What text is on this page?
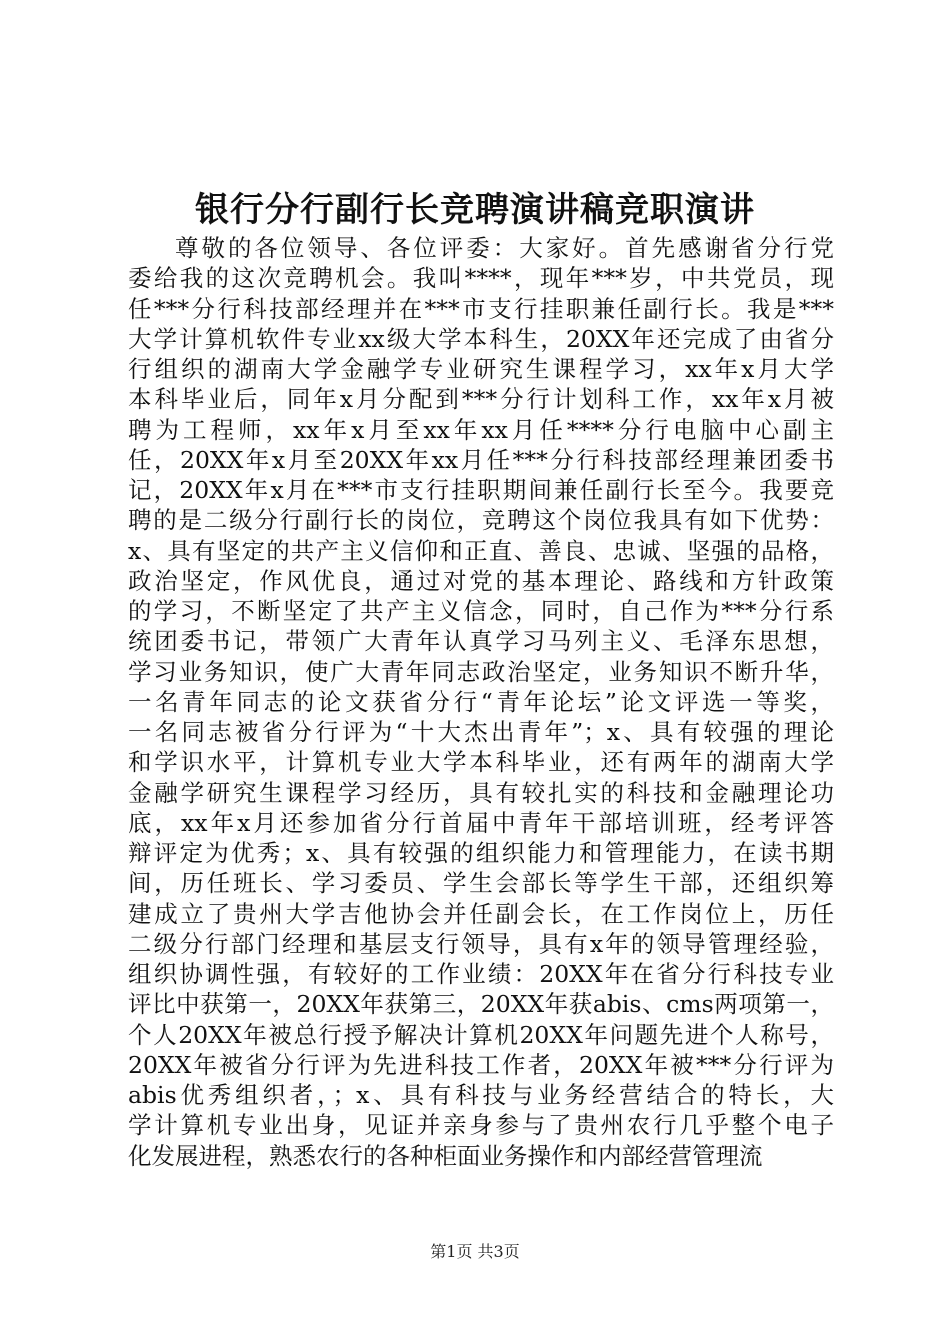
银行分行副行长竞聘演讲稿竞职演讲
尊敬的各位领导、各位评委：大家好。首先感谢省分行党
委给我的这次竞聘机会。我叫****，现年***岁，中共党员，现
任***分行科技部经理并在***市支行挂职兼任副行长。我是***
大学计算机软件专业xx级大学本科生，20XX年还完成了由省分
行组织的湖南大学金融学专业研究生课程学习，xx年x月大学
本科毕业后，同年x月分配到***分行计划科工作，xx年x月被
聘为工程师，xx年x月至xx年xx月任****分行电脑中心副主
任，20XX年x月至20XX年xx月任***分行科技部经理兼团委书
记，20XX年x月在***市支行挂职期间兼任副行长至今。我要竞
聘的是二级分行副行长的岗位，竞聘这个岗位我具有如下优势：
x、具有坚定的共产主义信仰和正直、善良、忠诚、坚强的品格，
政治坚定，作风优良，通过对党的基本理论、路线和方针政策
的学习，不断坚定了共产主义信念，同时，自己作为***分行系
统团委书记，带领广大青年认真学习马列主义、毛泽东思想，
学习业务知识，使广大青年同志政治坚定，业务知识不断升华，
一名青年同志的论文获省分行“青年论坛”论文评选一等奖，
一名同志被省分行评为“十大杰出青年”；x、具有较强的理论
和学识水平，计算机专业大学本科毕业，还有两年的湖南大学
金融学研究生课程学习经历，具有较扎实的科技和金融理论功
底，xx年x月还参加省分行首届中青年干部培训班，经考评答
辩评定为优秀；x、具有较强的组织能力和管理能力，在读书期
间，历任班长、学习委员、学生会部长等学生干部，还组织筹
建成立了贵州大学吉他协会并任副会长，在工作岗位上，历任
二级分行部门经理和基层支行领导，具有x年的领导管理经验，
组织协调性强，有较好的工作业绩：20XX年在省分行科技专业
评比中获第一，20XX年获第三，20XX年获abis、cms两项第一，
个人20XX年被总行授予解决计算机20XX年问题先进个人称号，
20XX年被省分行评为先进科技工作者，20XX年被***分行评为
abis优秀组织者，；x、具有科技与业务经营结合的特长，大
学计算机专业出身，见证并亲身参与了贵州农行几乎整个电子
化发展进程，熟悉农行的各种柜面业务操作和内部经营管理流
第1页 共3页
